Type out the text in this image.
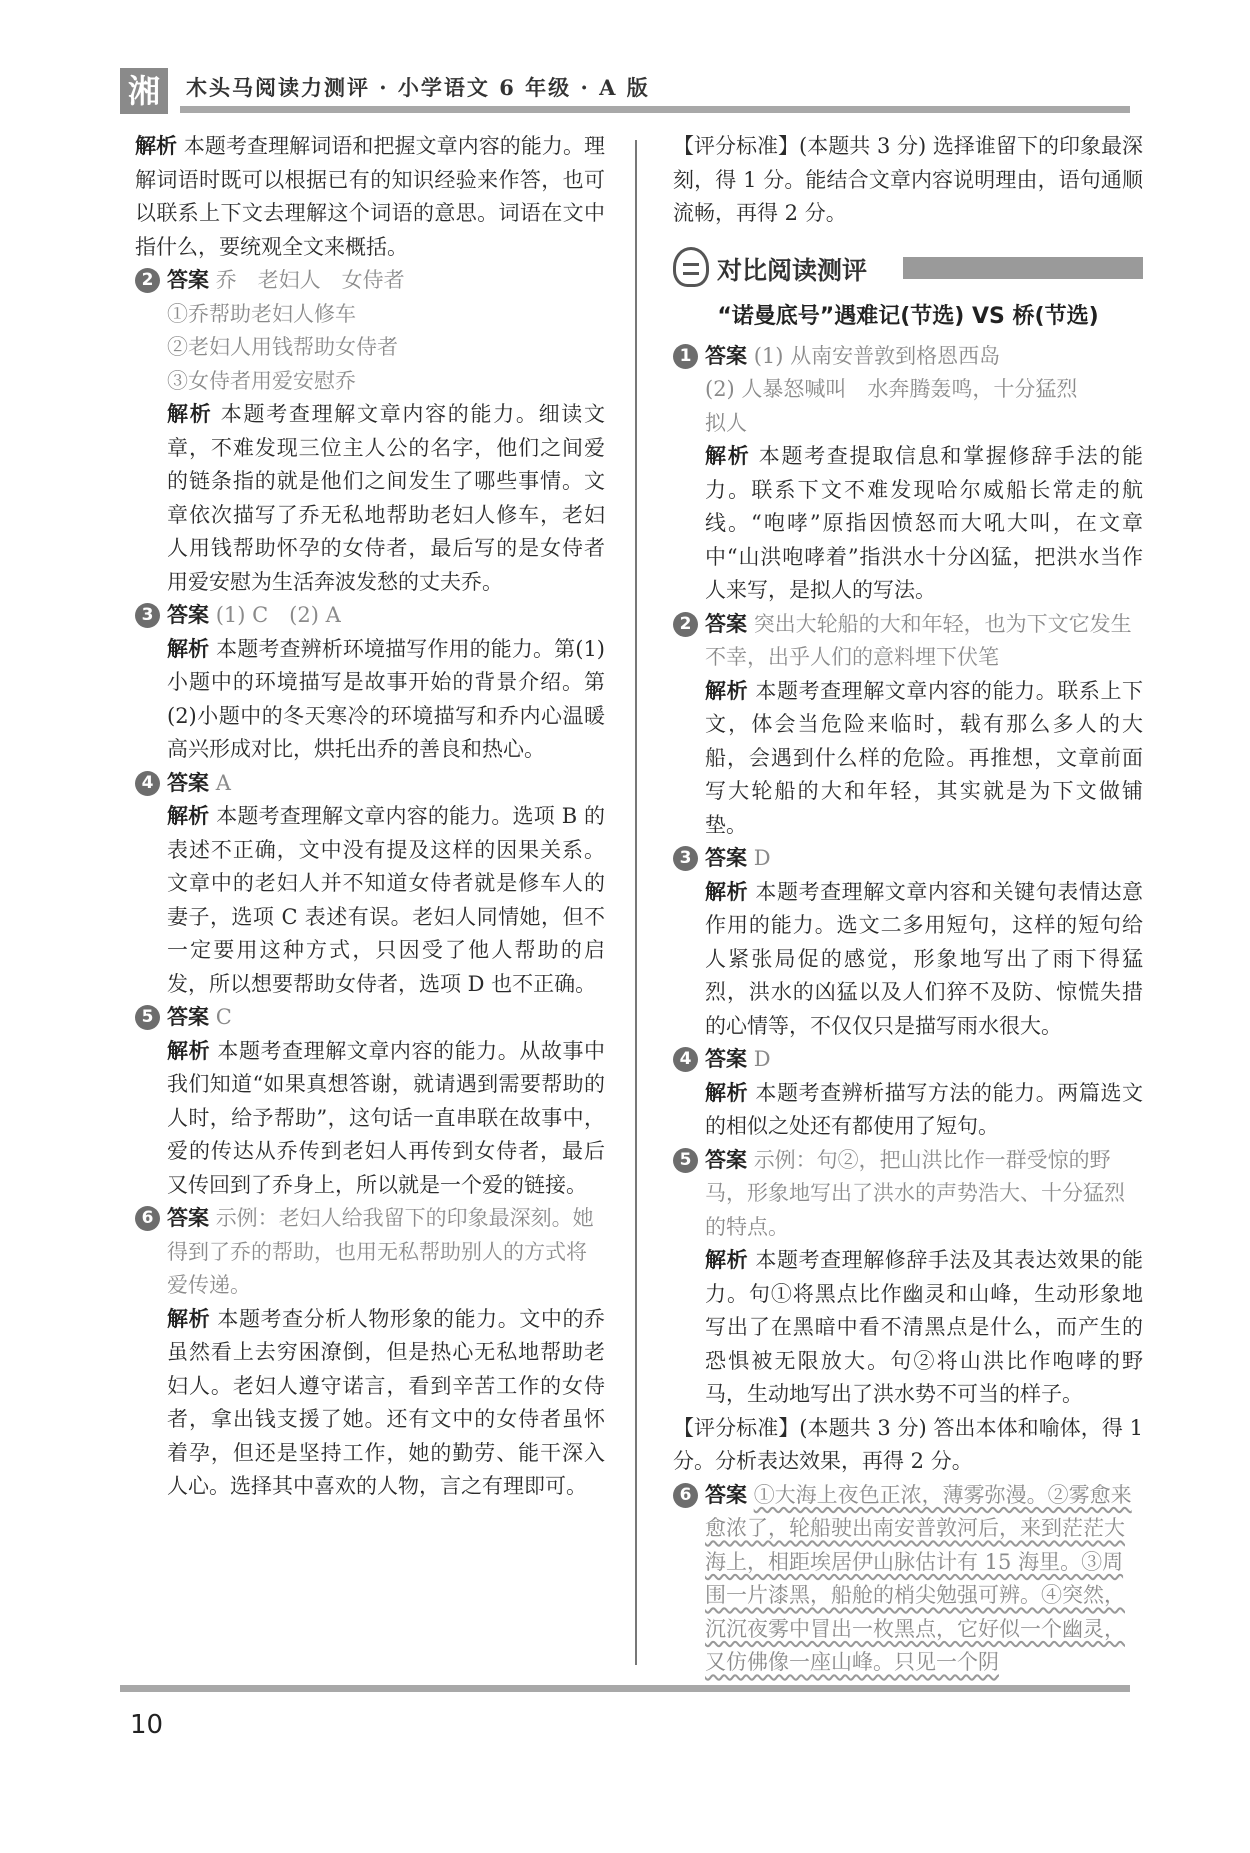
湘	木头马阅读力测评 · 小学语文 6 年级 · A 版

解析 本题考查理解词语和把握文章内容的能力。理解词语时既可以根据已有的知识经验来作答，也可以联系上下文去理解这个词语的意思。词语在文中指什么，要统观全文来概括。

2 答案 乔　老妇人　女侍者
①乔帮助老妇人修车
②老妇人用钱帮助女侍者
③女侍者用爱安慰乔

解析 本题考查理解文章内容的能力。细读文章，不难发现三位主人公的名字，他们之间爱的链条指的就是他们之间发生了哪些事情。文章依次描写了乔无私地帮助老妇人修车，老妇人用钱帮助怀孕的女侍者，最后写的是女侍者用爱安慰为生活奔波发愁的丈夫乔。

3 答案 (1) C　(2) A

解析 本题考查辨析环境描写作用的能力。第(1)小题中的环境描写是故事开始的背景介绍。第(2)小题中的冬天寒冷的环境描写和乔内心温暖高兴形成对比，烘托出乔的善良和热心。

4 答案 A

解析 本题考查理解文章内容的能力。选项 B 的表述不正确，文中没有提及这样的因果关系。文章中的老妇人并不知道女侍者就是修车人的妻子，选项 C 表述有误。老妇人同情她，但不一定要用这种方式，只因受了他人帮助的启发，所以想要帮助女侍者，选项 D 也不正确。

5 答案 C

解析 本题考查理解文章内容的能力。从故事中我们知道“如果真想答谢，就请遇到需要帮助的人时，给予帮助”，这句话一直串联在故事中，爱的传达从乔传到老妇人再传到女侍者，最后又传回到了乔身上，所以就是一个爱的链接。

6 答案 示例：老妇人给我留下的印象最深刻。她得到了乔的帮助，也用无私帮助别人的方式将爱传递。

解析 本题考查分析人物形象的能力。文中的乔虽然看上去穷困潦倒，但是热心无私地帮助老妇人。老妇人遵守诺言，看到辛苦工作的女侍者，拿出钱支援了她。还有文中的女侍者虽怀着孕，但还是坚持工作，她的勤劳、能干深入人心。选择其中喜欢的人物，言之有理即可。

【评分标准】(本题共 3 分) 选择谁留下的印象最深刻，得 1 分。能结合文章内容说明理由，语句通顺流畅，再得 2 分。

对比阅读测评
“诺曼底号”遇难记(节选) VS 桥(节选)
1 答案 (1) 从南安普敦到格恩西岛
(2) 人暴怒喊叫　水奔腾轰鸣，十分猛烈
拟人

解析 本题考查提取信息和掌握修辞手法的能力。联系下文不难发现哈尔威船长常走的航线。“咆哮”原指因愤怒而大吼大叫，在文章中“山洪咆哮着”指洪水十分凶猛，把洪水当作人来写，是拟人的写法。

2 答案 突出大轮船的大和年轻，也为下文它发生不幸，出乎人们的意料埋下伏笔

解析 本题考查理解文章内容的能力。联系上下文，体会当危险来临时，载有那么多人的大船，会遇到什么样的危险。再推想，文章前面写大轮船的大和年轻，其实就是为下文做铺垫。

3 答案 D

解析 本题考查理解文章内容和关键句表情达意作用的能力。选文二多用短句，这样的短句给人紧张局促的感觉，形象地写出了雨下得猛烈，洪水的凶猛以及人们猝不及防、惊慌失措的心情等，不仅仅只是描写雨水很大。

4 答案 D

解析 本题考查辨析描写方法的能力。两篇选文的相似之处还有都使用了短句。

5 答案 示例：句②，把山洪比作一群受惊的野马，形象地写出了洪水的声势浩大、十分猛烈的特点。

解析 本题考查理解修辞手法及其表达效果的能力。句①将黑点比作幽灵和山峰，生动形象地写出了在黑暗中看不清黑点是什么，而产生的恐惧被无限放大。句②将山洪比作咆哮的野马，生动地写出了洪水势不可当的样子。

【评分标准】(本题共 3 分) 答出本体和喻体，得 1 分。分析表达效果，再得 2 分。

6 答案 ①大海上夜色正浓，薄雾弥漫。②雾愈来愈浓了，轮船驶出南安普敦河后，来到茫茫大海上，相距埃居伊山脉估计有 15 海里。③周围一片漆黑，船舱的梢尖勉强可辨。④突然，沉沉夜雾中冒出一枚黑点，它好似一个幽灵，又仿佛像一座山峰。只见一个阴
10
